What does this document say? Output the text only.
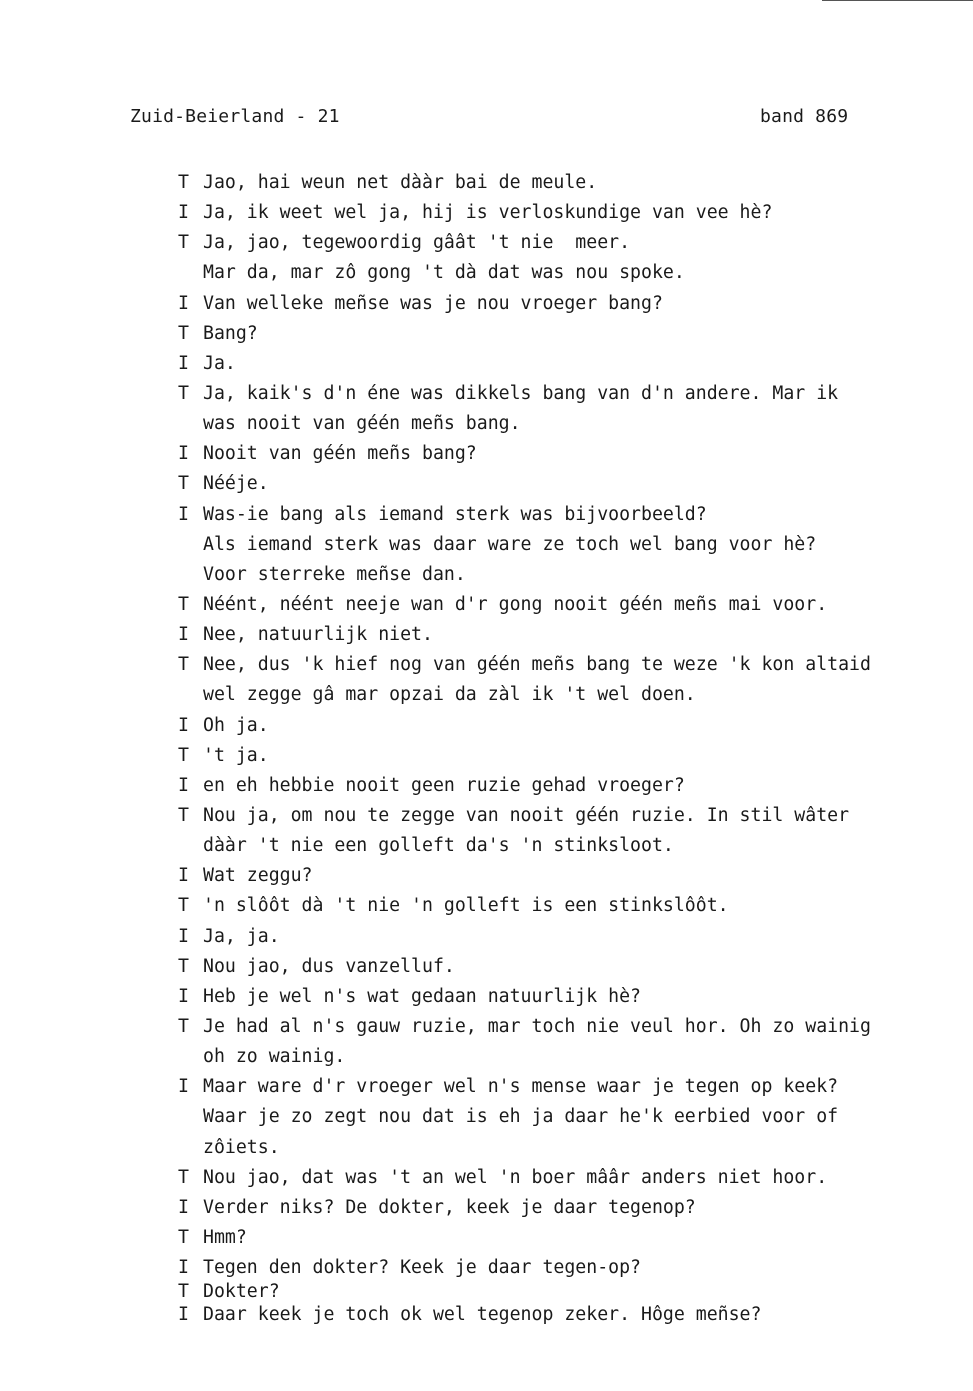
Zuid-Beierland - 21	band 869
T Jao, hai weun net dààr bai de meule.
I Ja, ik weet wel ja, hij is verloskundige van vee hè?
T Ja, jao, tegewoordig gâât 't nie  meer.
Mar da, mar zô gong 't dà dat was nou spoke.
I Van welleke meñse was je nou vroeger bang?
T Bang?
I Ja.
T Ja, kaik's d'n éne was dikkels bang van d'n andere. Mar ik
was nooit van géén meñs bang.
I Nooit van géén meñs bang?
T Nééje.
I Was-ie bang als iemand sterk was bijvoorbeeld?
Als iemand sterk was daar ware ze toch wel bang voor hè?
Voor sterreke meñse dan.
T Néént, néént neeje wan d'r gong nooit géén meñs mai voor.
I Nee, natuurlijk niet.
T Nee, dus 'k hief nog van géén meñs bang te weze 'k kon altaid
wel zegge gâ mar opzai da zàl ik 't wel doen.
I Oh ja.
T 't ja.
I en eh hebbie nooit geen ruzie gehad vroeger?
T Nou ja, om nou te zegge van nooit géén ruzie. In stil wâter
dààr 't nie een golleft da's 'n stinksloot.
I Wat zeggu?
T 'n slôôt dà 't nie 'n golleft is een stinkslôôt.
I Ja, ja.
T Nou jao, dus vanzelluf.
I Heb je wel n's wat gedaan natuurlijk hè?
T Je had al n's gauw ruzie, mar toch nie veul hor. Oh zo wainig
oh zo wainig.
I Maar ware d'r vroeger wel n's mense waar je tegen op keek?
Waar je zo zegt nou dat is eh ja daar he'k eerbied voor of
zôiets.
T Nou jao, dat was 't an wel 'n boer mââr anders niet hoor.
I Verder niks? De dokter, keek je daar tegenop?
T Hmm?
I Tegen den dokter? Keek je daar tegen-op?
T Dokter?
I Daar keek je toch ok wel tegenop zeker. Hôge meñse?
